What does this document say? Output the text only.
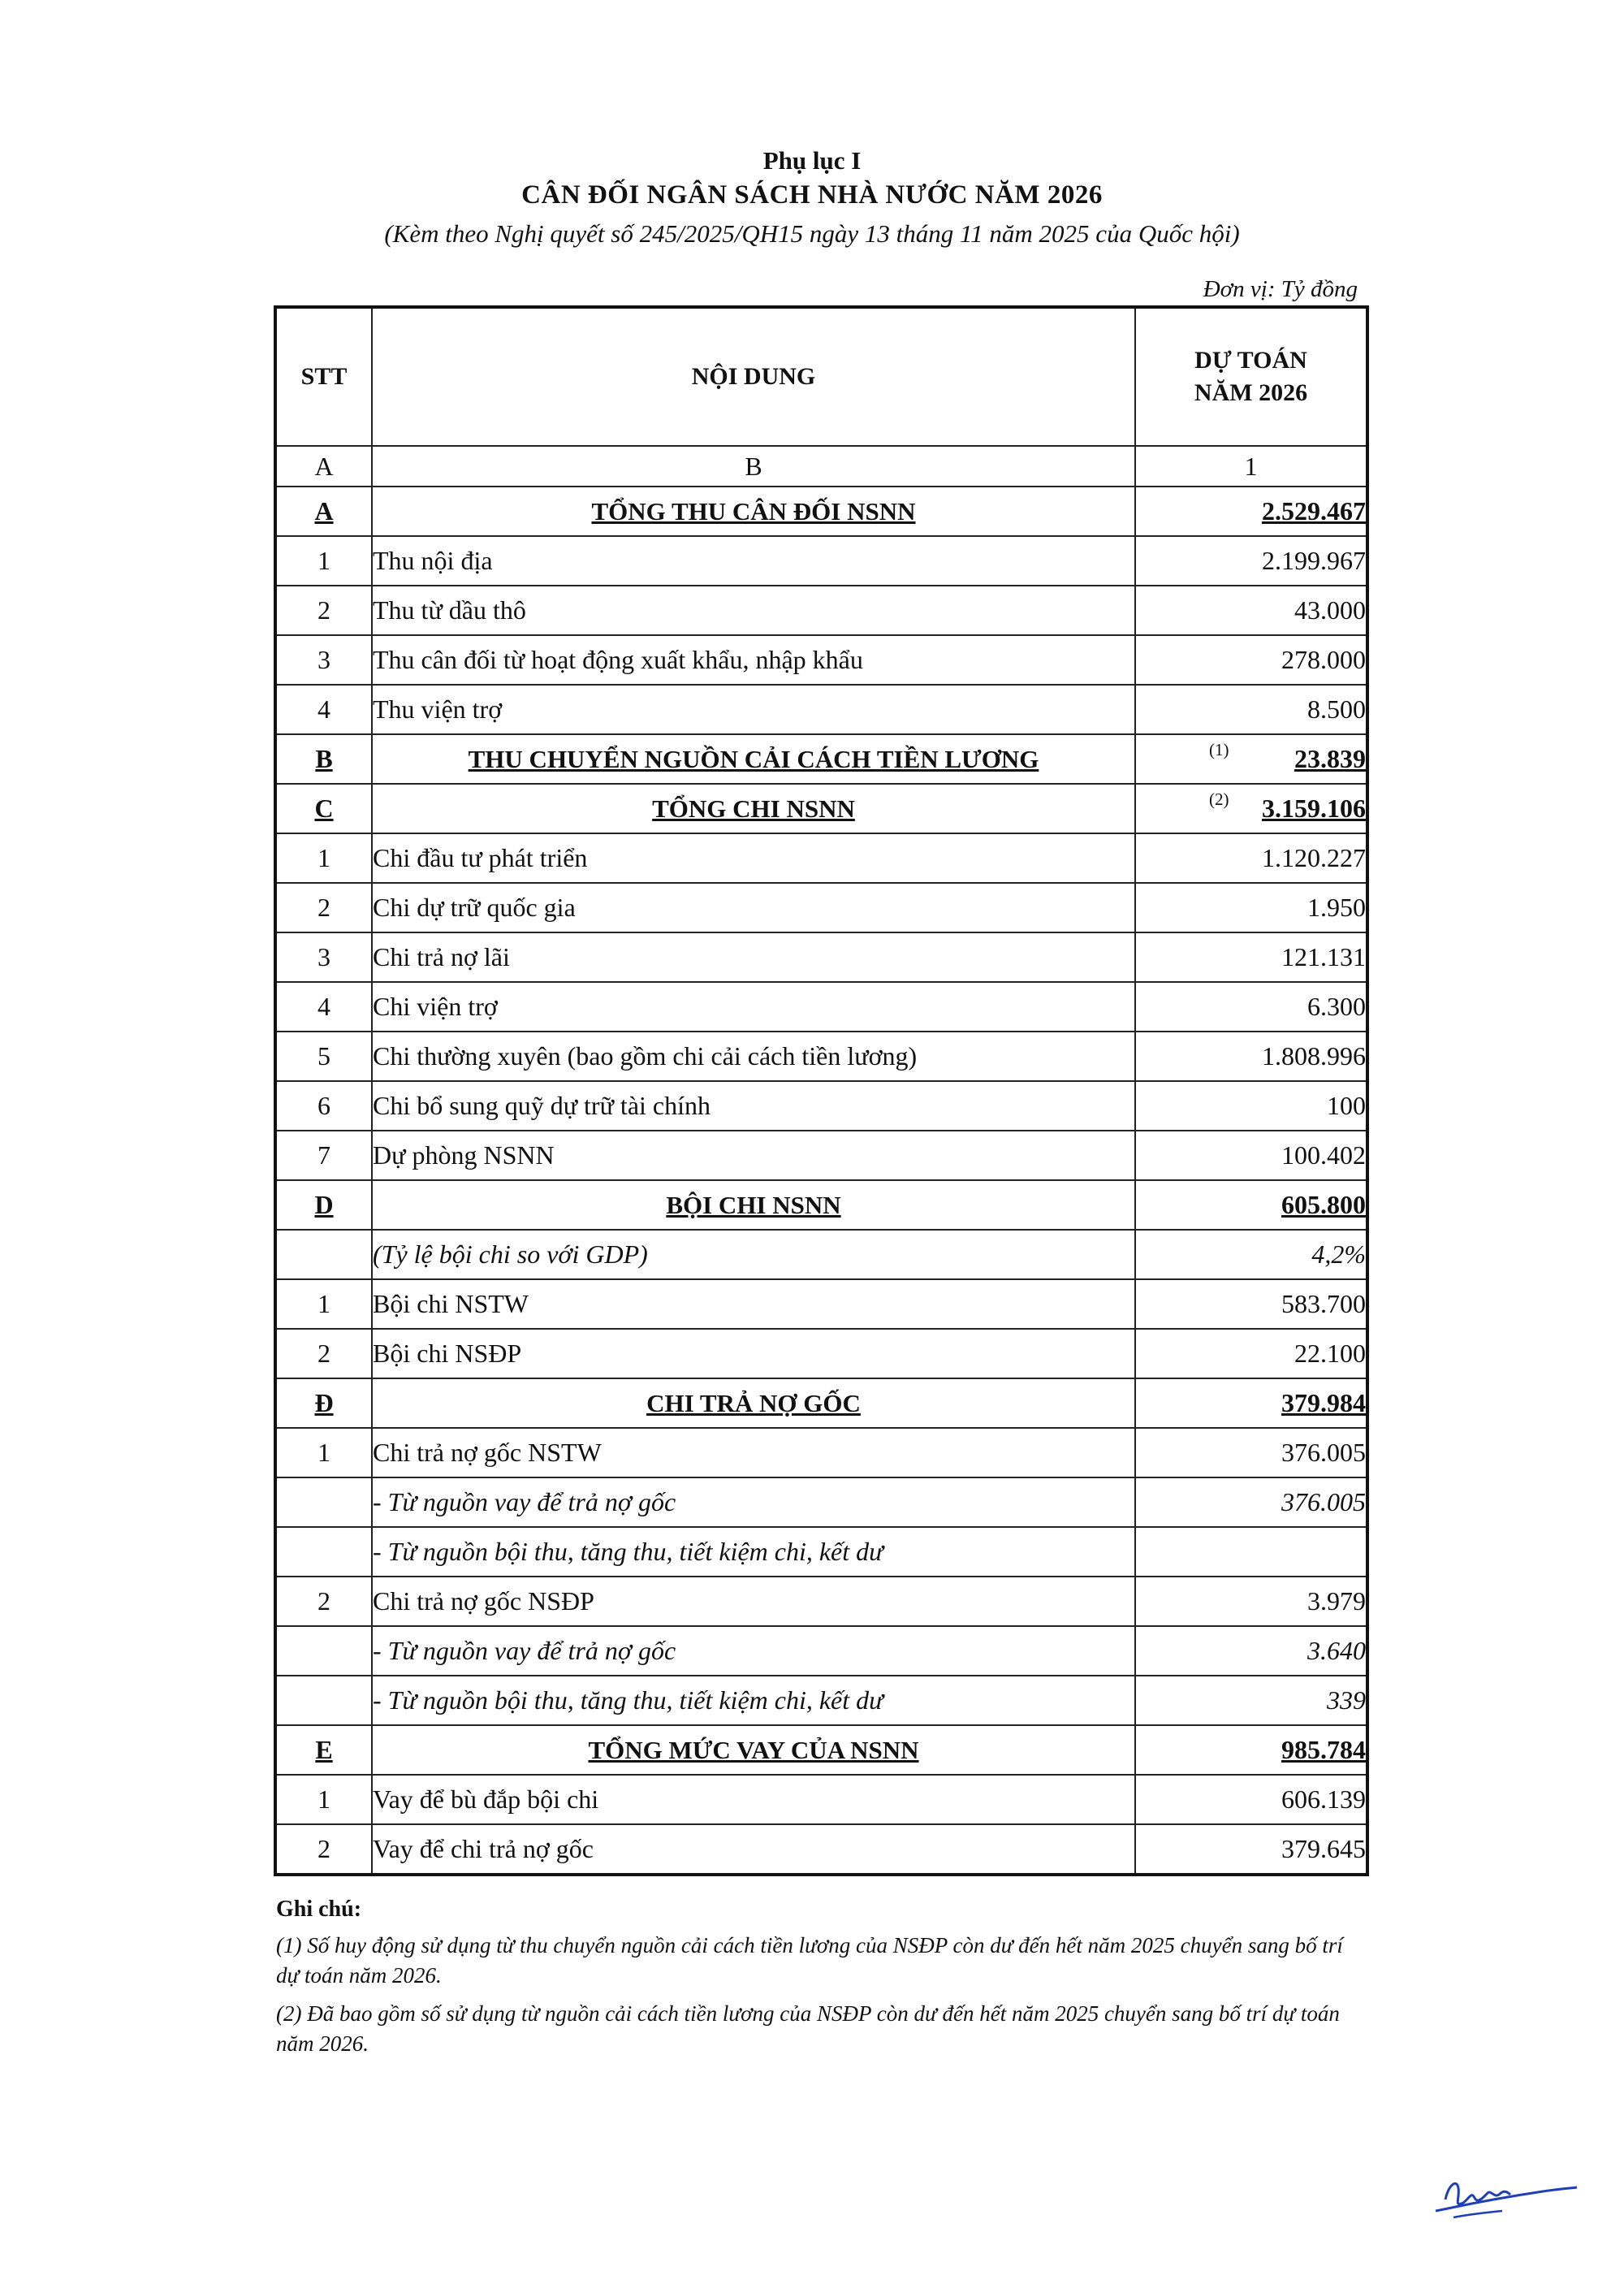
Phụ lục I
CÂN ĐỐI NGÂN SÁCH NHÀ NƯỚC NĂM 2026
(Kèm theo Nghị quyết số 245/2025/QH15 ngày 13 tháng 11 năm 2025 của Quốc hội)
Đơn vị: Tỷ đồng
STT	NỘI DUNG	DỰ TOÁN
NĂM 2026
A	B	1
A	TỔNG THU CÂN ĐỐI NSNN	2.529.467
1	Thu nội địa	2.199.967
2	Thu từ dầu thô	43.000
3	Thu cân đối từ hoạt động xuất khẩu, nhập khẩu	278.000
4	Thu viện trợ	8.500
B	THU CHUYỂN NGUỒN CẢI CÁCH TIỀN LƯƠNG	(1) 23.839
C	TỔNG CHI NSNN	(2) 3.159.106
1	Chi đầu tư phát triển	1.120.227
2	Chi dự trữ quốc gia	1.950
3	Chi trả nợ lãi	121.131
4	Chi viện trợ	6.300
5	Chi thường xuyên (bao gồm chi cải cách tiền lương)	1.808.996
6	Chi bổ sung quỹ dự trữ tài chính	100
7	Dự phòng NSNN	100.402
D	BỘI CHI NSNN	605.800
	(Tỷ lệ bội chi so với GDP)	4,2%
1	Bội chi NSTW	583.700
2	Bội chi NSĐP	22.100
Đ	CHI TRẢ NỢ GỐC	379.984
1	Chi trả nợ gốc NSTW	376.005
	- Từ nguồn vay để trả nợ gốc	376.005
	- Từ nguồn bội thu, tăng thu, tiết kiệm chi, kết dư	
2	Chi trả nợ gốc NSĐP	3.979
	- Từ nguồn vay để trả nợ gốc	3.640
	- Từ nguồn bội thu, tăng thu, tiết kiệm chi, kết dư	339
E	TỔNG MỨC VAY CỦA NSNN	985.784
1	Vay để bù đắp bội chi	606.139
2	Vay để chi trả nợ gốc	379.645
Ghi chú:
(1) Số huy động sử dụng từ thu chuyển nguồn cải cách tiền lương của NSĐP còn dư đến hết năm 2025 chuyển sang bố trí dự toán năm 2026.
(2) Đã bao gồm số sử dụng từ nguồn cải cách tiền lương của NSĐP còn dư đến hết năm 2025 chuyển sang bố trí dự toán năm 2026.
